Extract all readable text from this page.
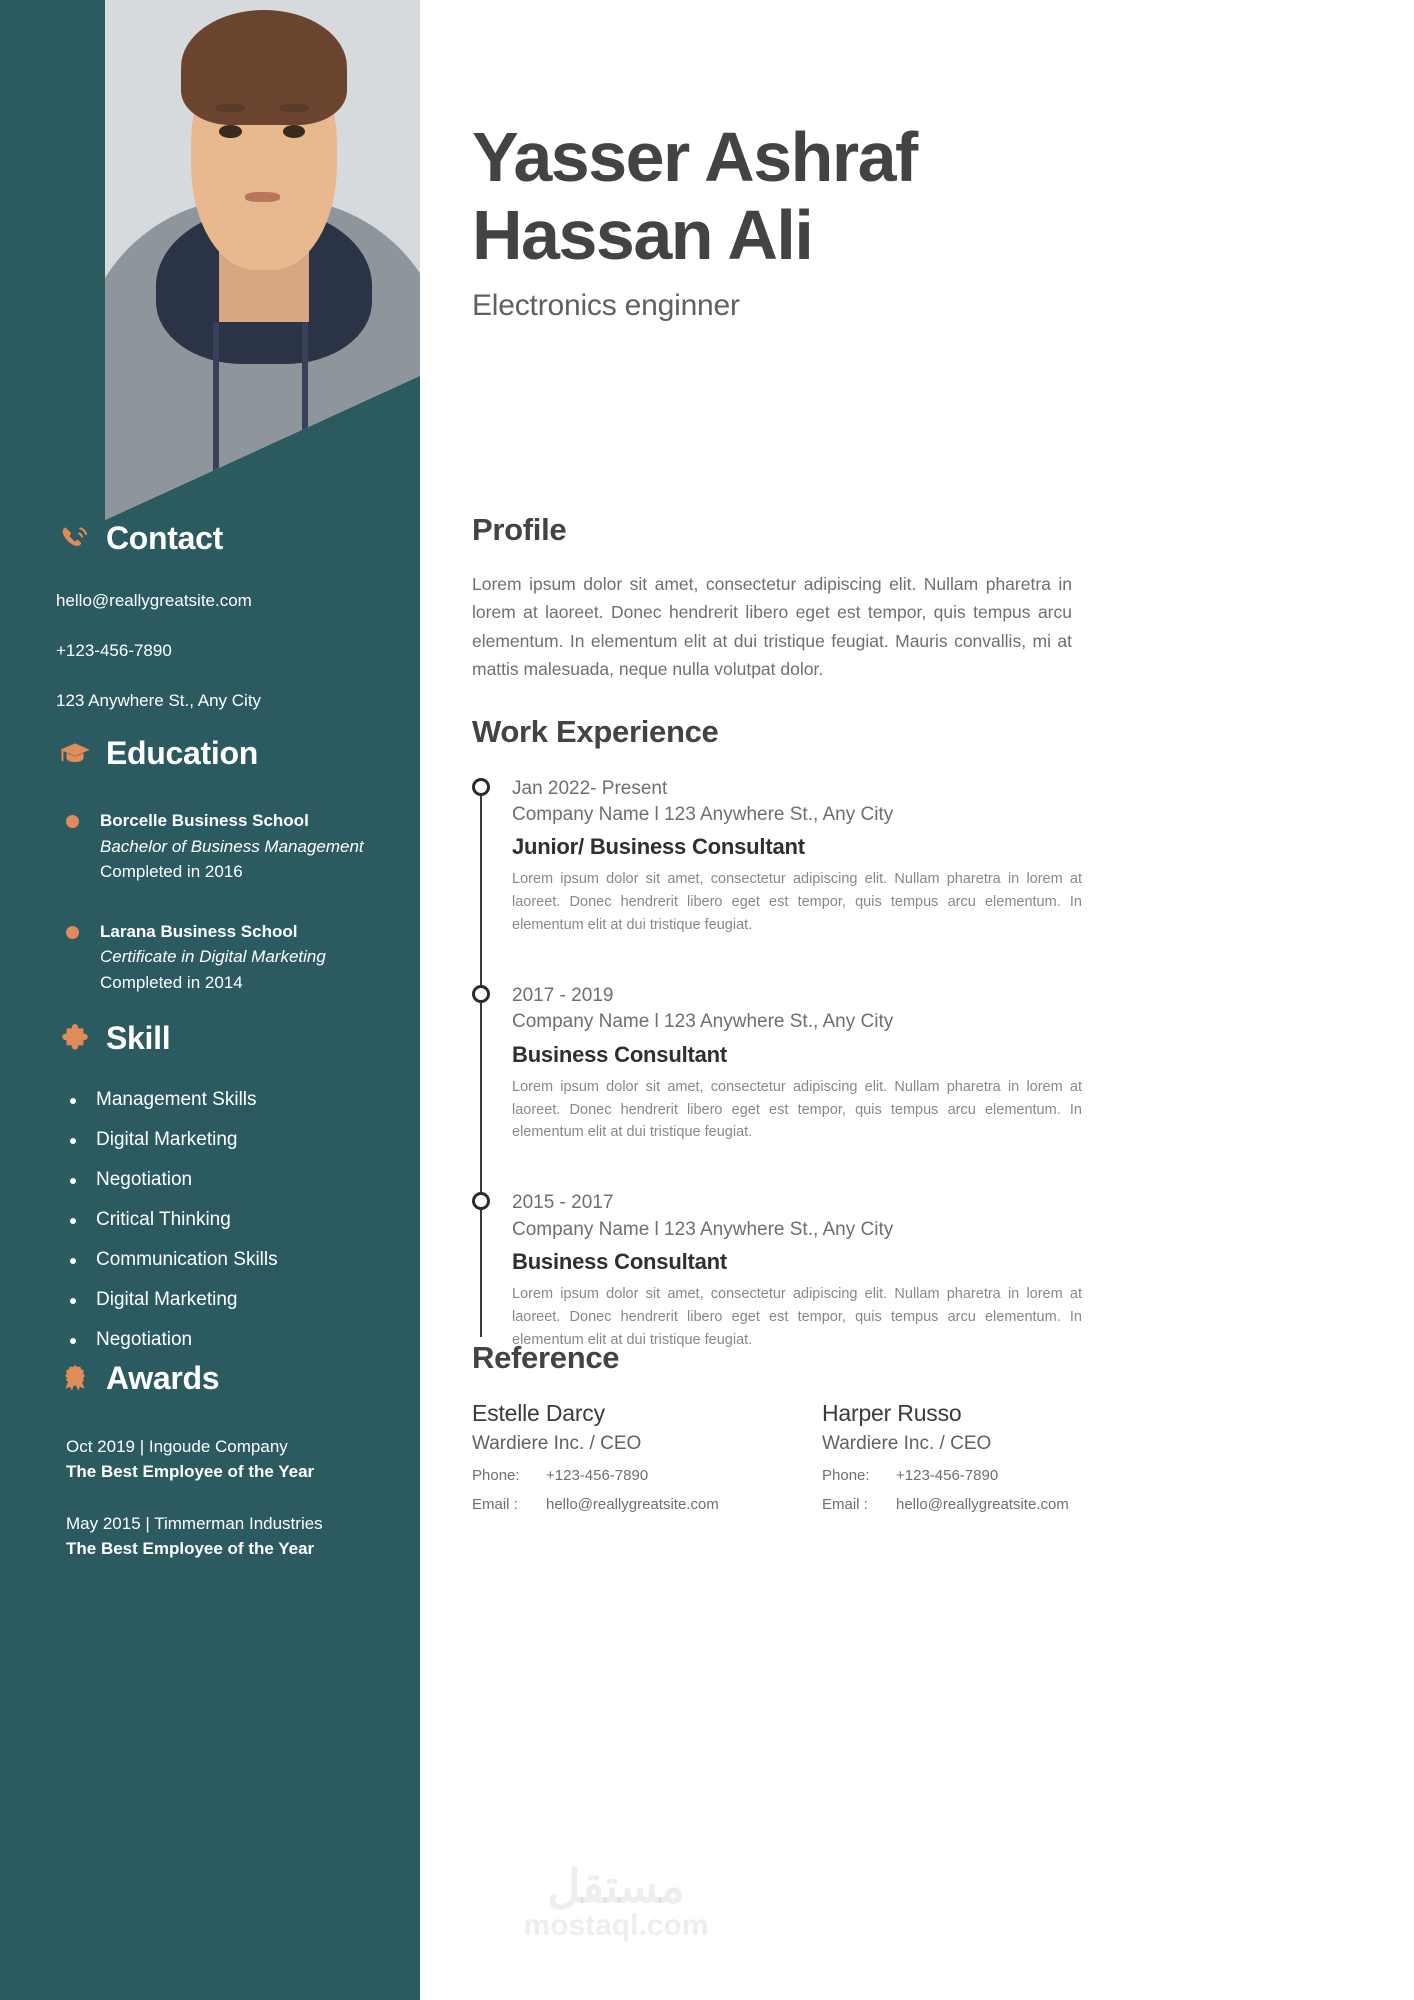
Contact
hello@reallygreatsite.com
+123-456-7890
123 Anywhere St., Any City
Education
Borcelle Business School
Bachelor of Business Management
Completed in 2016
Larana Business School
Certificate in Digital Marketing
Completed in 2014
Skill
Management Skills
Digital Marketing
Negotiation
Critical Thinking
Communication Skills
Digital Marketing
Negotiation
Awards
Oct 2019 | Ingoude Company
The Best Employee of the Year
May 2015 | Timmerman Industries
The Best Employee of the Year
Yasser Ashraf
Hassan Ali
Electronics enginner
Profile
Lorem ipsum dolor sit amet, consectetur adipiscing elit. Nullam pharetra in lorem at laoreet. Donec hendrerit libero eget est tempor, quis tempus arcu elementum. In elementum elit at dui tristique feugiat. Mauris convallis, mi at mattis malesuada, neque nulla volutpat dolor.
Work Experience
Jan 2022- Present
Company Name l 123 Anywhere St., Any City
Junior/ Business Consultant
Lorem ipsum dolor sit amet, consectetur adipiscing elit. Nullam pharetra in lorem at laoreet. Donec hendrerit libero eget est tempor, quis tempus arcu elementum. In elementum elit at dui tristique feugiat.
2017 - 2019
Company Name l 123 Anywhere St., Any City
Business Consultant
Lorem ipsum dolor sit amet, consectetur adipiscing elit. Nullam pharetra in lorem at laoreet. Donec hendrerit libero eget est tempor, quis tempus arcu elementum. In elementum elit at dui tristique feugiat.
2015 - 2017
Company Name l 123 Anywhere St., Any City
Business Consultant
Lorem ipsum dolor sit amet, consectetur adipiscing elit. Nullam pharetra in lorem at laoreet. Donec hendrerit libero eget est tempor, quis tempus arcu elementum. In elementum elit at dui tristique feugiat.
Reference
Estelle Darcy
Wardiere Inc. / CEO
Phone:	+123-456-7890
Email :	hello@reallygreatsite.com
Harper Russo
Wardiere Inc. / CEO
Phone:	+123-456-7890
Email :	hello@reallygreatsite.com
مستقل
mostaql.com
